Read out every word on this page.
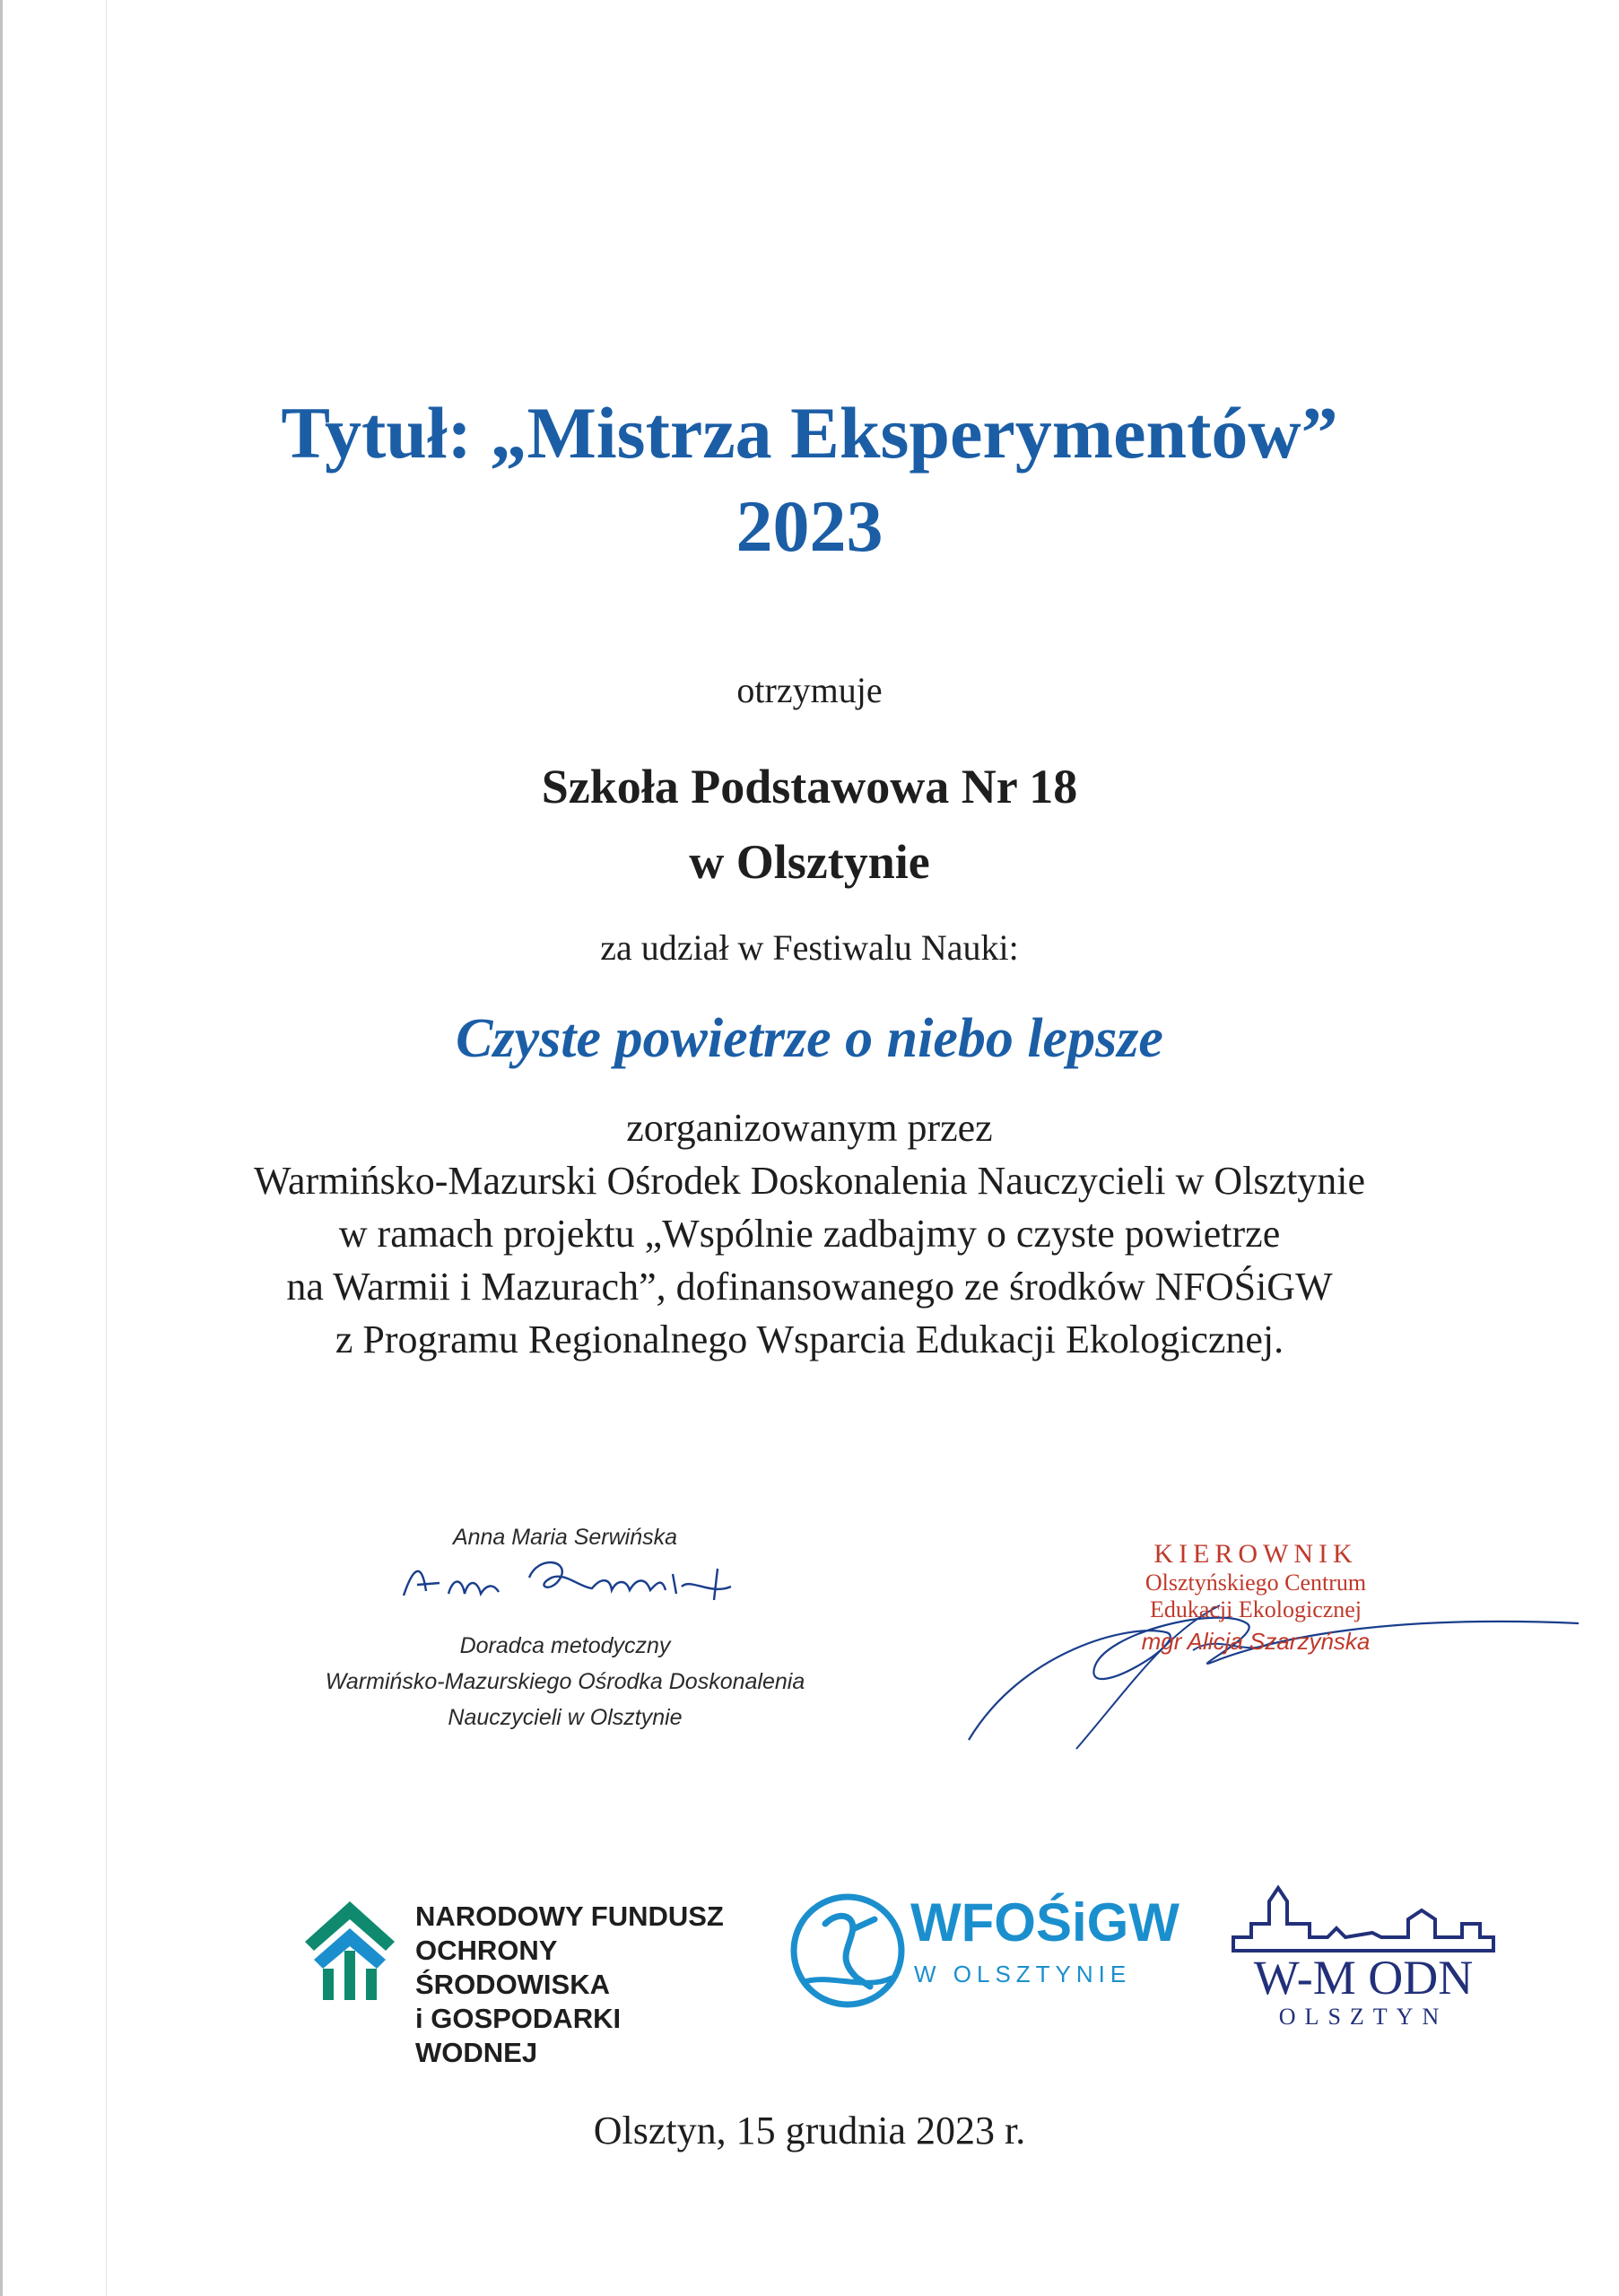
Tytuł: „Mistrza Eksperymentów”
2023
otrzymuje
Szkoła Podstawowa Nr 18
w Olsztynie
za udział w Festiwalu Nauki:
Czyste powietrze o niebo lepsze
zorganizowanym przez
Warmińsko-Mazurski Ośrodek Doskonalenia Nauczycieli w Olsztynie
w ramach projektu „Wspólnie zadbajmy o czyste powietrze
na Warmii i Mazurach”, dofinansowanego ze środków NFOŚiGW
z Programu Regionalnego Wsparcia Edukacji Ekologicznej.
Anna Maria Serwińska
Doradca metodyczny
Warmińsko-Mazurskiego Ośrodka Doskonalenia
Nauczycieli w Olsztynie
KIEROWNIK
Olsztyńskiego Centrum
Edukacji Ekologicznej
mgr Alicja Szarzyńska
NARODOWY FUNDUSZ
OCHRONY ŚRODOWISKA
i GOSPODARKI WODNEJ
WFOŚiGW
W OLSZTYNIE	W-M ODN
OLSZTYN
Olsztyn, 15 grudnia 2023 r.
